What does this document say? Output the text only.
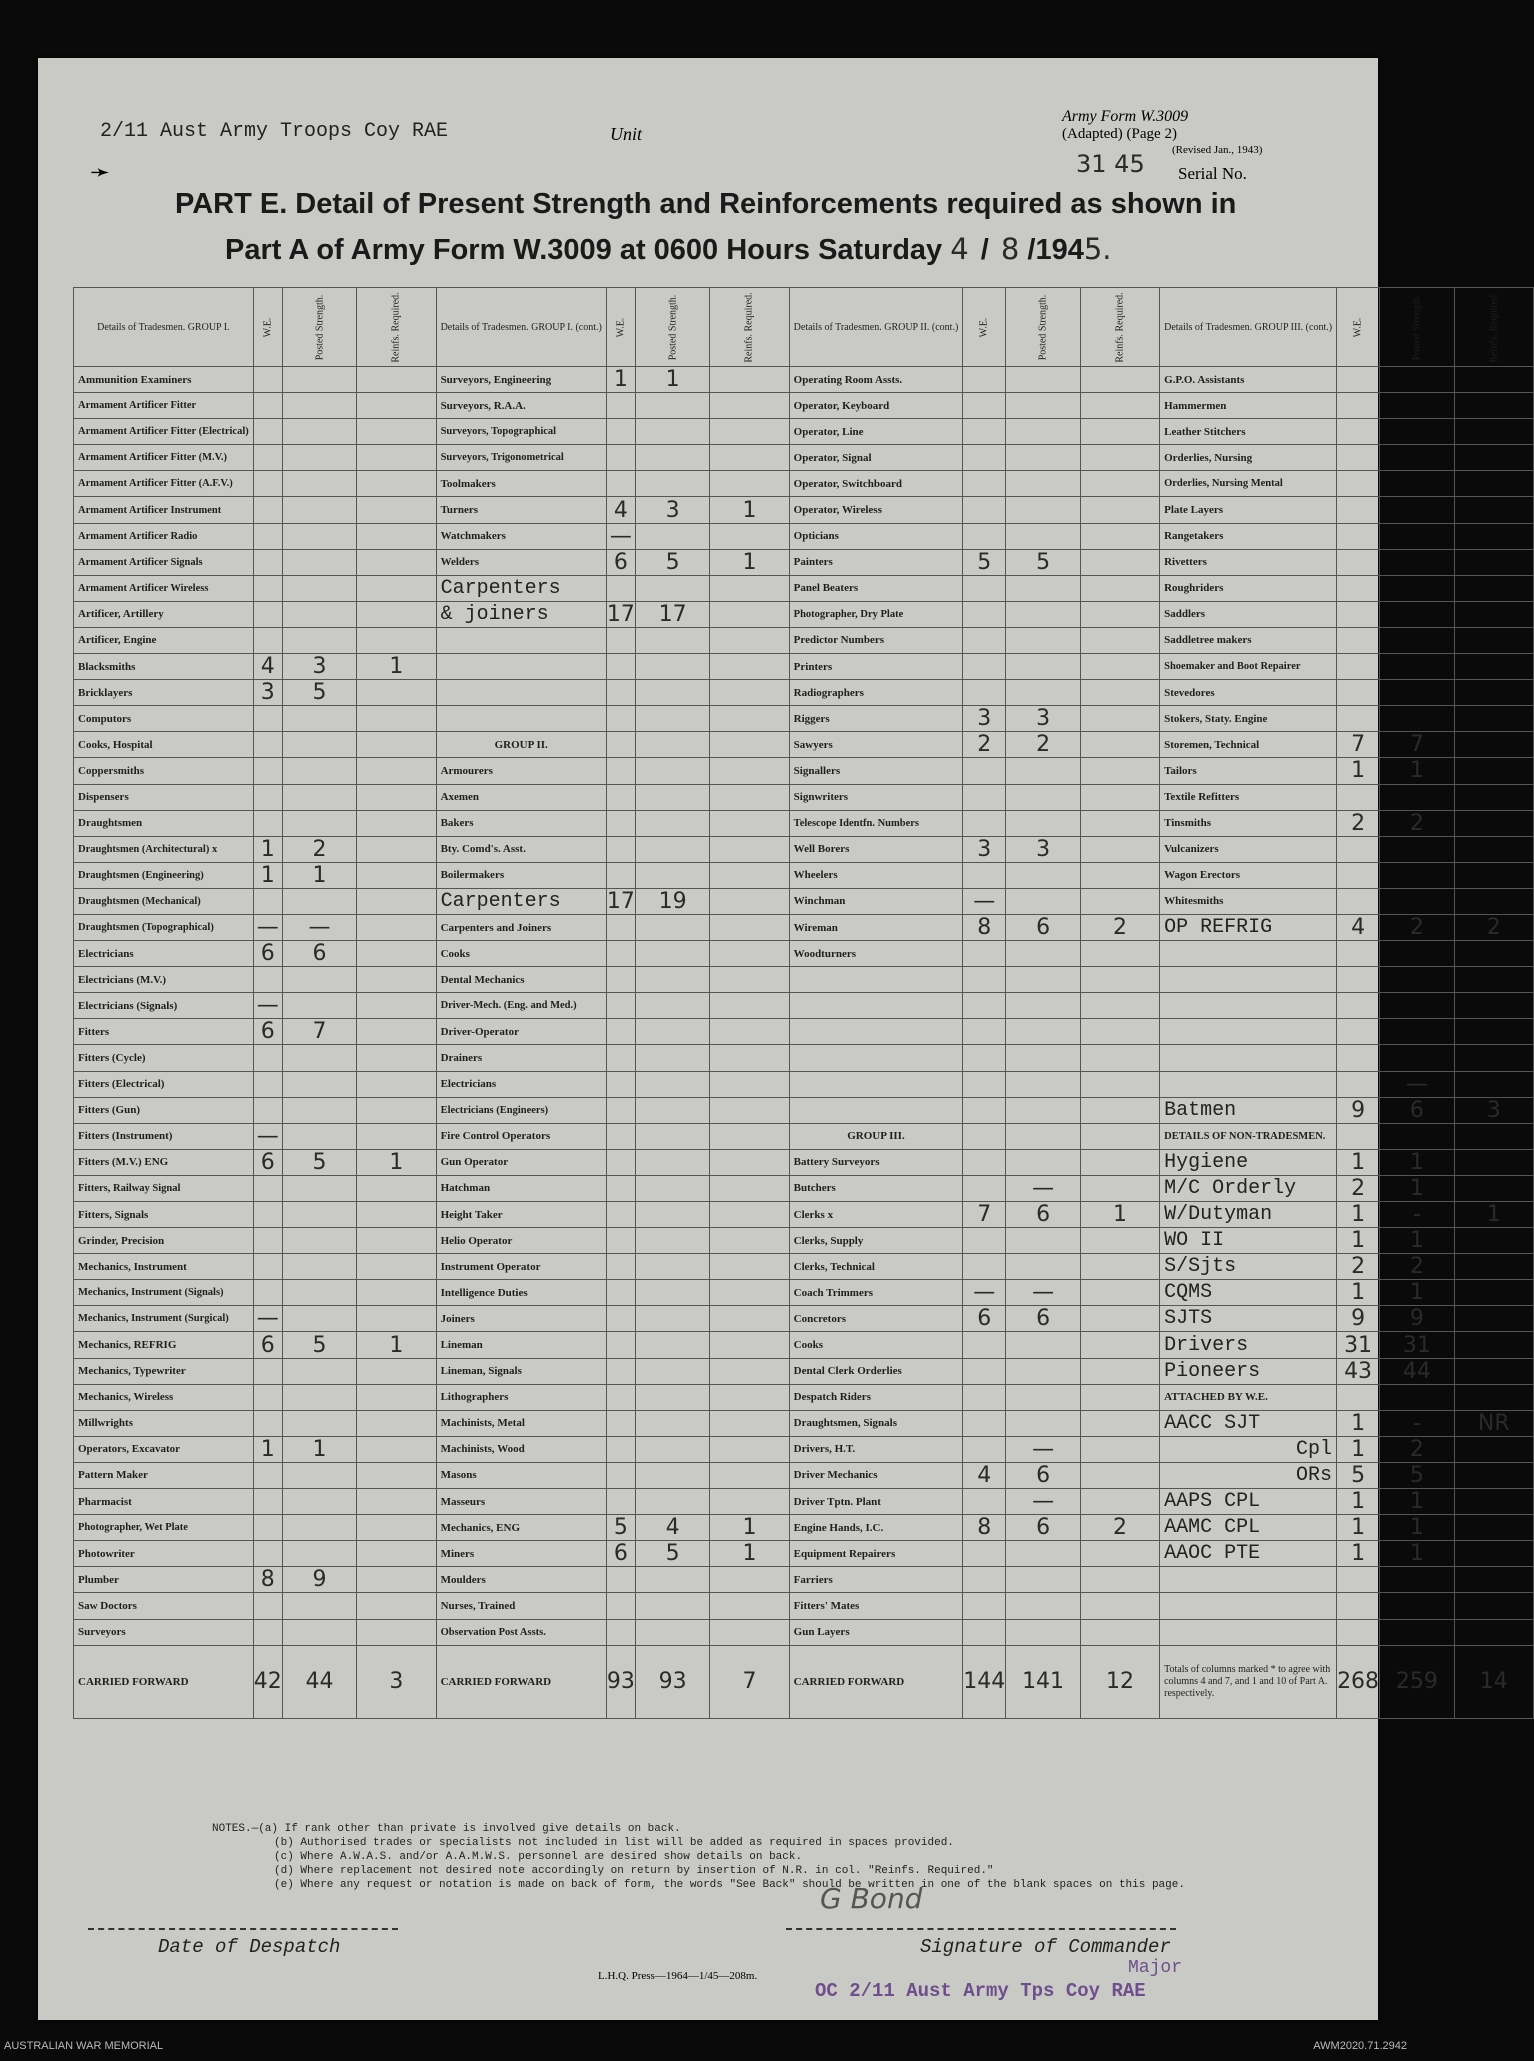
2/11 Aust Army Troops Coy RAE	Unit
➛
Army Form W.3009
(Adapted) (Page 2)
(Revised Jan., 1943)
31 45 Serial No.
PART E. Detail of Present Strength and Reinforcements required as shown in
Part A of Army Form W.3009 at 0600 Hours Saturday 4 / 8 /1945.
Details of Tradesmen. GROUP I.	W.E.	Posted Strength.	Reinfs. Required.	Details of Tradesmen. GROUP I. (cont.)	W.E.	Posted Strength.	Reinfs. Required.	Details of Tradesmen. GROUP II. (cont.)	W.E.	Posted Strength.	Reinfs. Required.	Details of Tradesmen. GROUP III. (cont.)	W.E.	Posted Strength.	Reinfs. Required.
Ammunition Examiners				Surveyors, Engineering	1	1		Operating Room Assts.				G.P.O. Assistants			
Armament Artificer Fitter				Surveyors, R.A.A.				Operator, Keyboard				Hammermen			
Armament Artificer Fitter (Electrical)				Surveyors, Topographical				Operator, Line				Leather Stitchers			
Armament Artificer Fitter (M.V.)				Surveyors, Trigonometrical				Operator, Signal				Orderlies, Nursing			
Armament Artificer Fitter (A.F.V.)				Toolmakers				Operator, Switchboard				Orderlies, Nursing Mental			
Armament Artificer Instrument				Turners	4	3	1	Operator, Wireless				Plate Layers			
Armament Artificer Radio				Watchmakers	—			Opticians				Rangetakers			
Armament Artificer Signals				Welders	6	5	1	Painters	5	5		Rivetters			
Armament Artificer Wireless				Carpenters				Panel Beaters				Roughriders			
Artificer, Artillery				& joiners	17	17		Photographer, Dry Plate				Saddlers			
Artificer, Engine								Predictor Numbers				Saddletree makers			
Blacksmiths	4	3	1					Printers				Shoemaker and Boot Repairer			
Bricklayers	3	5						Radiographers				Stevedores			
Computors								Riggers	3	3		Stokers, Staty. Engine			
Cooks, Hospital				GROUP II.				Sawyers	2	2		Storemen, Technical	7	7	
Coppersmiths				Armourers				Signallers				Tailors	1	1	
Dispensers				Axemen				Signwriters				Textile Refitters			
Draughtsmen				Bakers				Telescope Identfn. Numbers				Tinsmiths	2	2	
Draughtsmen (Architectural) x	1	2		Bty. Comd's. Asst.				Well Borers	3	3		Vulcanizers			
Draughtsmen (Engineering)	1	1		Boilermakers				Wheelers				Wagon Erectors			
Draughtsmen (Mechanical)				Carpenters	17	19		Winchman	—			Whitesmiths			
Draughtsmen (Topographical)	—	—		Carpenters and Joiners				Wireman	8	6	2	OP REFRIG	4	2	2
Electricians	6	6		Cooks				Woodturners							
Electricians (M.V.)				Dental Mechanics											
Electricians (Signals)	—			Driver-Mech. (Eng. and Med.)											
Fitters	6	7		Driver-Operator											
Fitters (Cycle)				Drainers											
Fitters (Electrical)				Electricians										—	
Fitters (Gun)				Electricians (Engineers)								Batmen	9	6	3
Fitters (Instrument)	—			Fire Control Operators				GROUP III.				DETAILS OF NON-TRADESMEN.			
Fitters (M.V.) ENG	6	5	1	Gun Operator				Battery Surveyors				Hygiene	1	1	
Fitters, Railway Signal				Hatchman				Butchers		—		M/C Orderly	2	1	
Fitters, Signals				Height Taker				Clerks x	7	6	1	W/Dutyman	1	-	1
Grinder, Precision				Helio Operator				Clerks, Supply				WO II	1	1	
Mechanics, Instrument				Instrument Operator				Clerks, Technical				S/Sjts	2	2	
Mechanics, Instrument (Signals)				Intelligence Duties				Coach Trimmers	—	—		CQMS	1	1	
Mechanics, Instrument (Surgical)	—			Joiners				Concretors	6	6		SJTS	9	9	
Mechanics, REFRIG	6	5	1	Lineman				Cooks				Drivers	31	31	
Mechanics, Typewriter				Lineman, Signals				Dental Clerk Orderlies				Pioneers	43	44	
Mechanics, Wireless				Lithographers				Despatch Riders				ATTACHED BY W.E.			
Millwrights				Machinists, Metal				Draughtsmen, Signals				AACC SJT	1	-	NR
Operators, Excavator	1	1		Machinists, Wood				Drivers, H.T.		—		Cpl	1	2	
Pattern Maker				Masons				Driver Mechanics	4	6		ORs	5	5	
Pharmacist				Masseurs				Driver Tptn. Plant		—		AAPS CPL	1	1	
Photographer, Wet Plate				Mechanics, ENG	5	4	1	Engine Hands, I.C.	8	6	2	AAMC CPL	1	1	
Photowriter				Miners	6	5	1	Equipment Repairers				AAOC PTE	1	1	
Plumber	8	9		Moulders				Farriers							
Saw Doctors				Nurses, Trained				Fitters' Mates							
Surveyors				Observation Post Assts.				Gun Layers							
CARRIED FORWARD	42	44	3	CARRIED FORWARD	93	93	7	CARRIED FORWARD	144	141	12	Totals of columns marked * to agree with columns 4 and 7, and 1 and 10 of Part A. respectively.	268	259	14
NOTES.—(a) If rank other than private is involved give details on back.
(b) Authorised trades or specialists not included in list will be added as required in spaces provided.
(c) Where A.W.A.S. and/or A.A.M.W.S. personnel are desired show details on back.
(d) Where replacement not desired note accordingly on return by insertion of N.R. in col. "Reinfs. Required."
(e) Where any request or notation is made on back of form, the words "See Back" should be written in one of the blank spaces on this page.
G Bond
Date of Despatch	Signature of Commander
Major
OC 2/11 Aust Army Tps Coy RAE
L.H.Q. Press—1964—1/45—208m.
AUSTRALIAN WAR MEMORIAL	AWM2020.71.2942
